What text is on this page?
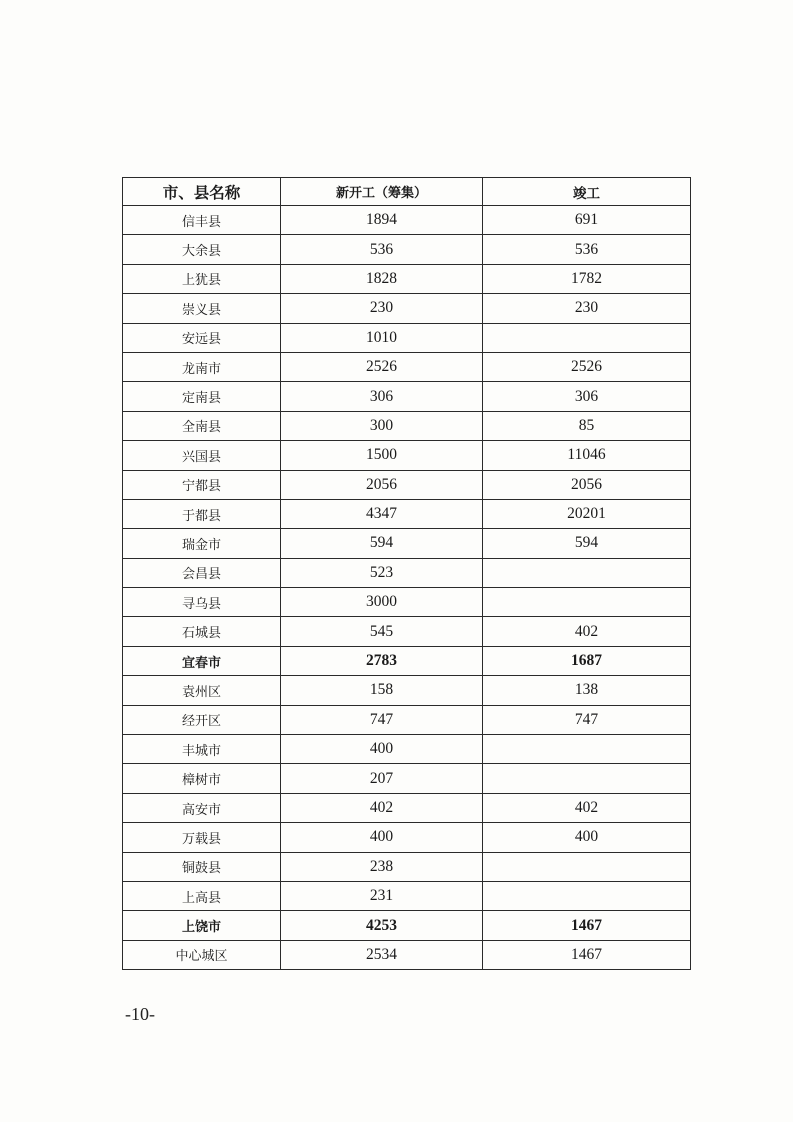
市、县名称	新开工（筹集）	竣工
信丰县	1894	691
大余县	536	536
上犹县	1828	1782
崇义县	230	230
安远县	1010	
龙南市	2526	2526
定南县	306	306
全南县	300	85
兴国县	1500	11046
宁都县	2056	2056
于都县	4347	20201
瑞金市	594	594
会昌县	523	
寻乌县	3000	
石城县	545	402
宜春市	2783	1687
袁州区	158	138
经开区	747	747
丰城市	400	
樟树市	207	
高安市	402	402
万载县	400	400
铜鼓县	238	
上高县	231	
上饶市	4253	1467
中心城区	2534	1467
-10-
